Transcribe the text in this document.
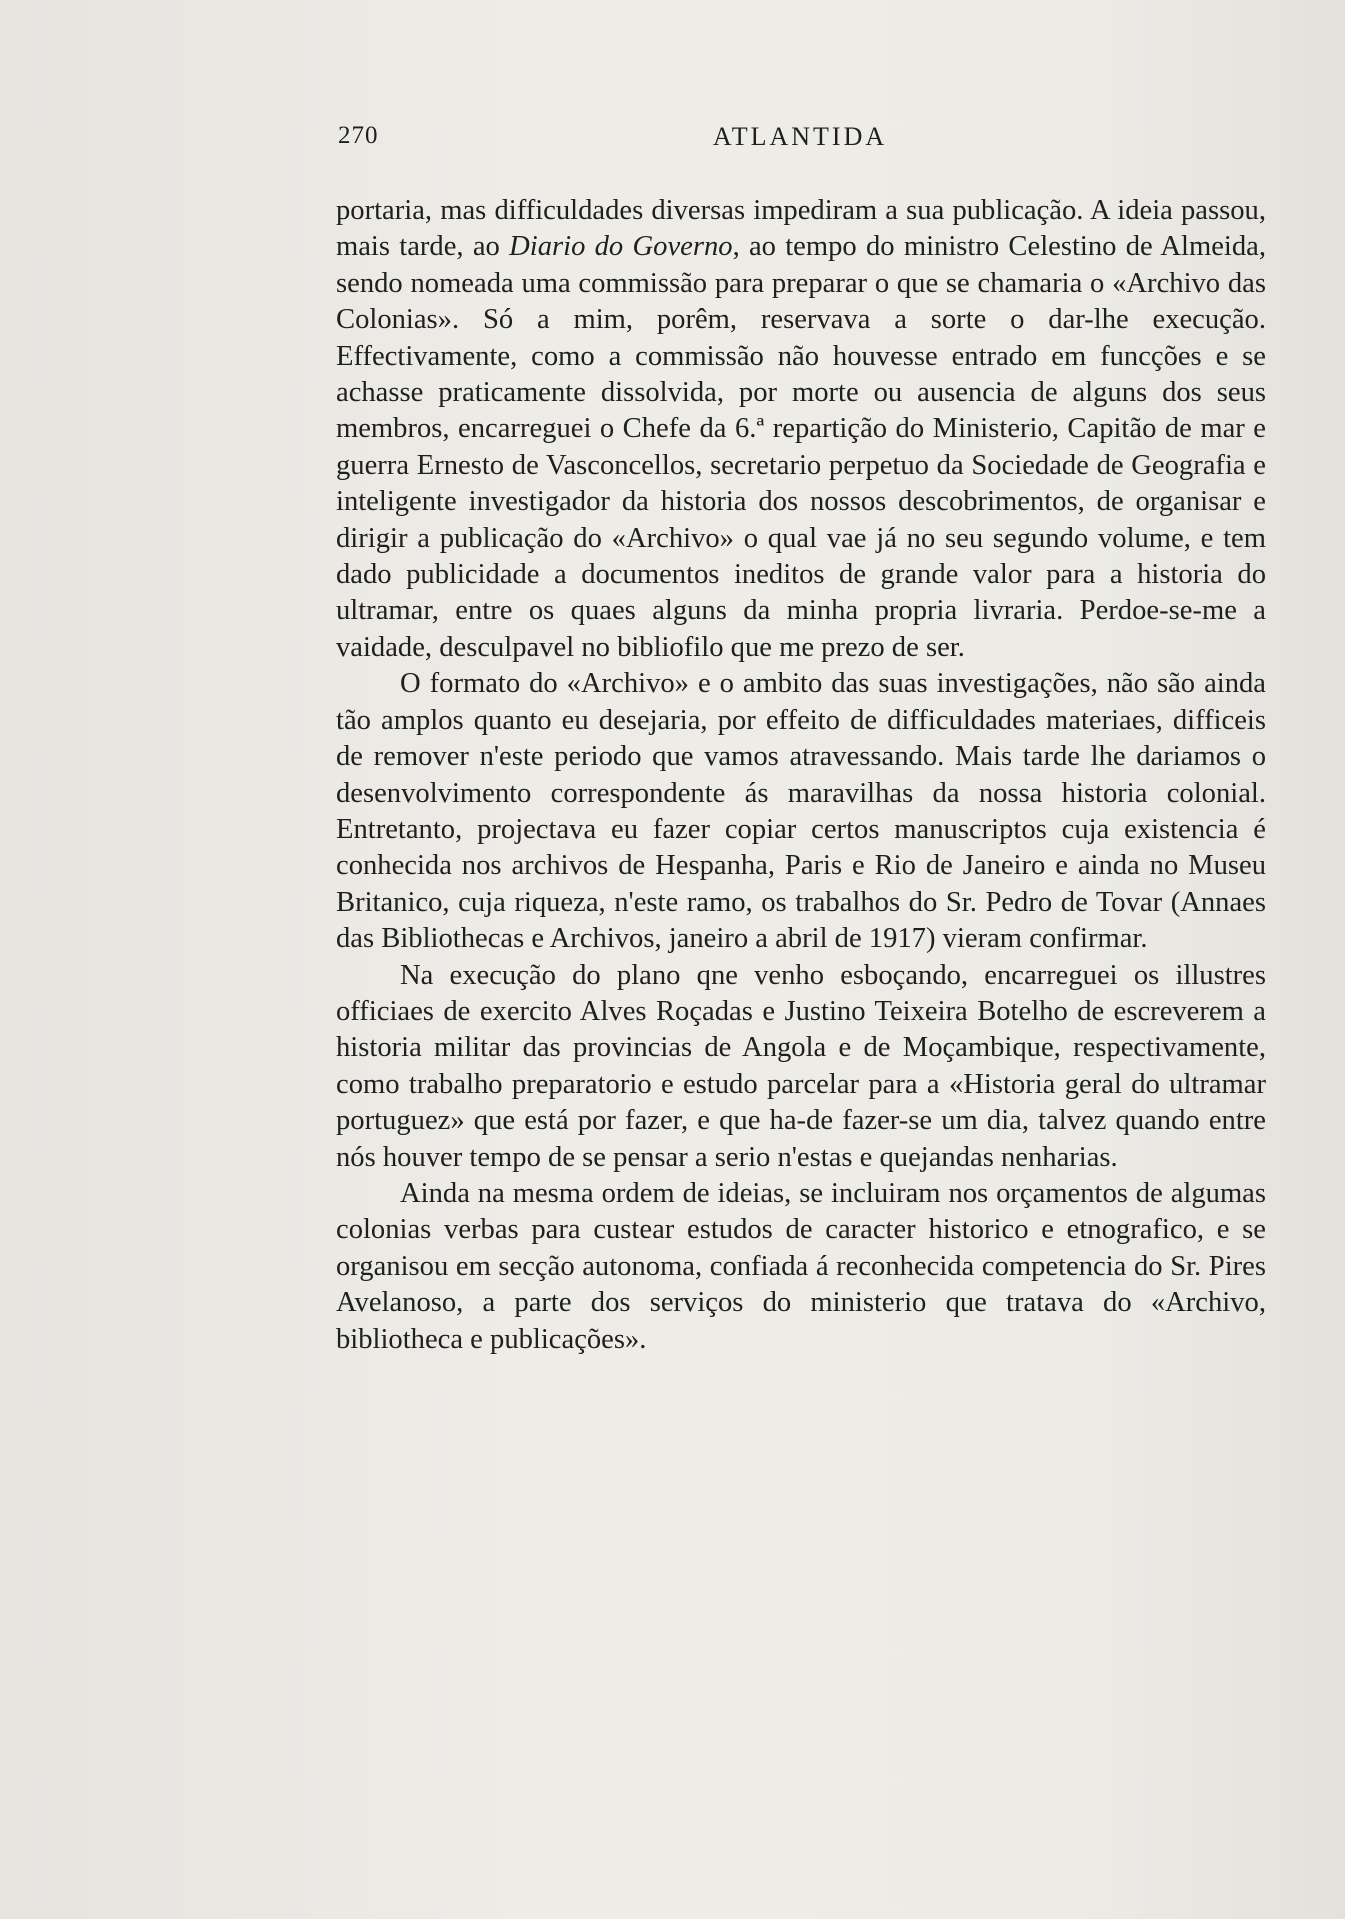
270	ATLANTIDA

portaria, mas difficuldades diversas impediram a sua publicação. A ideia passou, mais tarde, ao Diario do Governo, ao tempo do ministro Celestino de Almeida, sendo nomeada uma commissão para preparar o que se chamaria o «Archivo das Colonias». Só a mim, porêm, reservava a sorte o dar-lhe execução. Effectivamente, como a commissão não houvesse entrado em funcções e se achasse praticamente dissolvida, por morte ou ausencia de alguns dos seus membros, encarreguei o Chefe da 6.ª repartição do Ministerio, Capitão de mar e guerra Ernesto de Vasconcellos, secretario perpetuo da Sociedade de Geografia e inteligente investigador da historia dos nossos descobrimentos, de organisar e dirigir a publicação do «Archivo» o qual vae já no seu segundo volume, e tem dado publicidade a documentos ineditos de grande valor para a historia do ultramar, entre os quaes alguns da minha propria livraria. Perdoe-se-me a vaidade, desculpavel no bibliofilo que me prezo de ser.

O formato do «Archivo» e o ambito das suas investigações, não são ainda tão amplos quanto eu desejaria, por effeito de difficuldades materiaes, difficeis de remover n'este periodo que vamos atravessando. Mais tarde lhe dariamos o desenvolvimento correspondente ás maravilhas da nossa historia colonial. Entretanto, projectava eu fazer copiar certos manuscriptos cuja existencia é conhecida nos archivos de Hespanha, Paris e Rio de Janeiro e ainda no Museu Britanico, cuja riqueza, n'este ramo, os trabalhos do Sr. Pedro de Tovar (Annaes das Bibliothecas e Archivos, janeiro a abril de 1917) vieram confirmar.

Na execução do plano qne venho esboçando, encarreguei os illustres officiaes de exercito Alves Roçadas e Justino Teixeira Botelho de escreverem a historia militar das provincias de Angola e de Moçambique, respectivamente, como trabalho preparatorio e estudo parcelar para a «Historia geral do ultramar portuguez» que está por fazer, e que ha-de fazer-se um dia, talvez quando entre nós houver tempo de se pensar a serio n'estas e quejandas nenharias.

Ainda na mesma ordem de ideias, se incluiram nos orçamentos de algumas colonias verbas para custear estudos de caracter historico e etnografico, e se organisou em secção autonoma, confiada á reconhecida competencia do Sr. Pires Avelanoso, a parte dos serviços do ministerio que tratava do «Archivo, bibliotheca e publicações».
